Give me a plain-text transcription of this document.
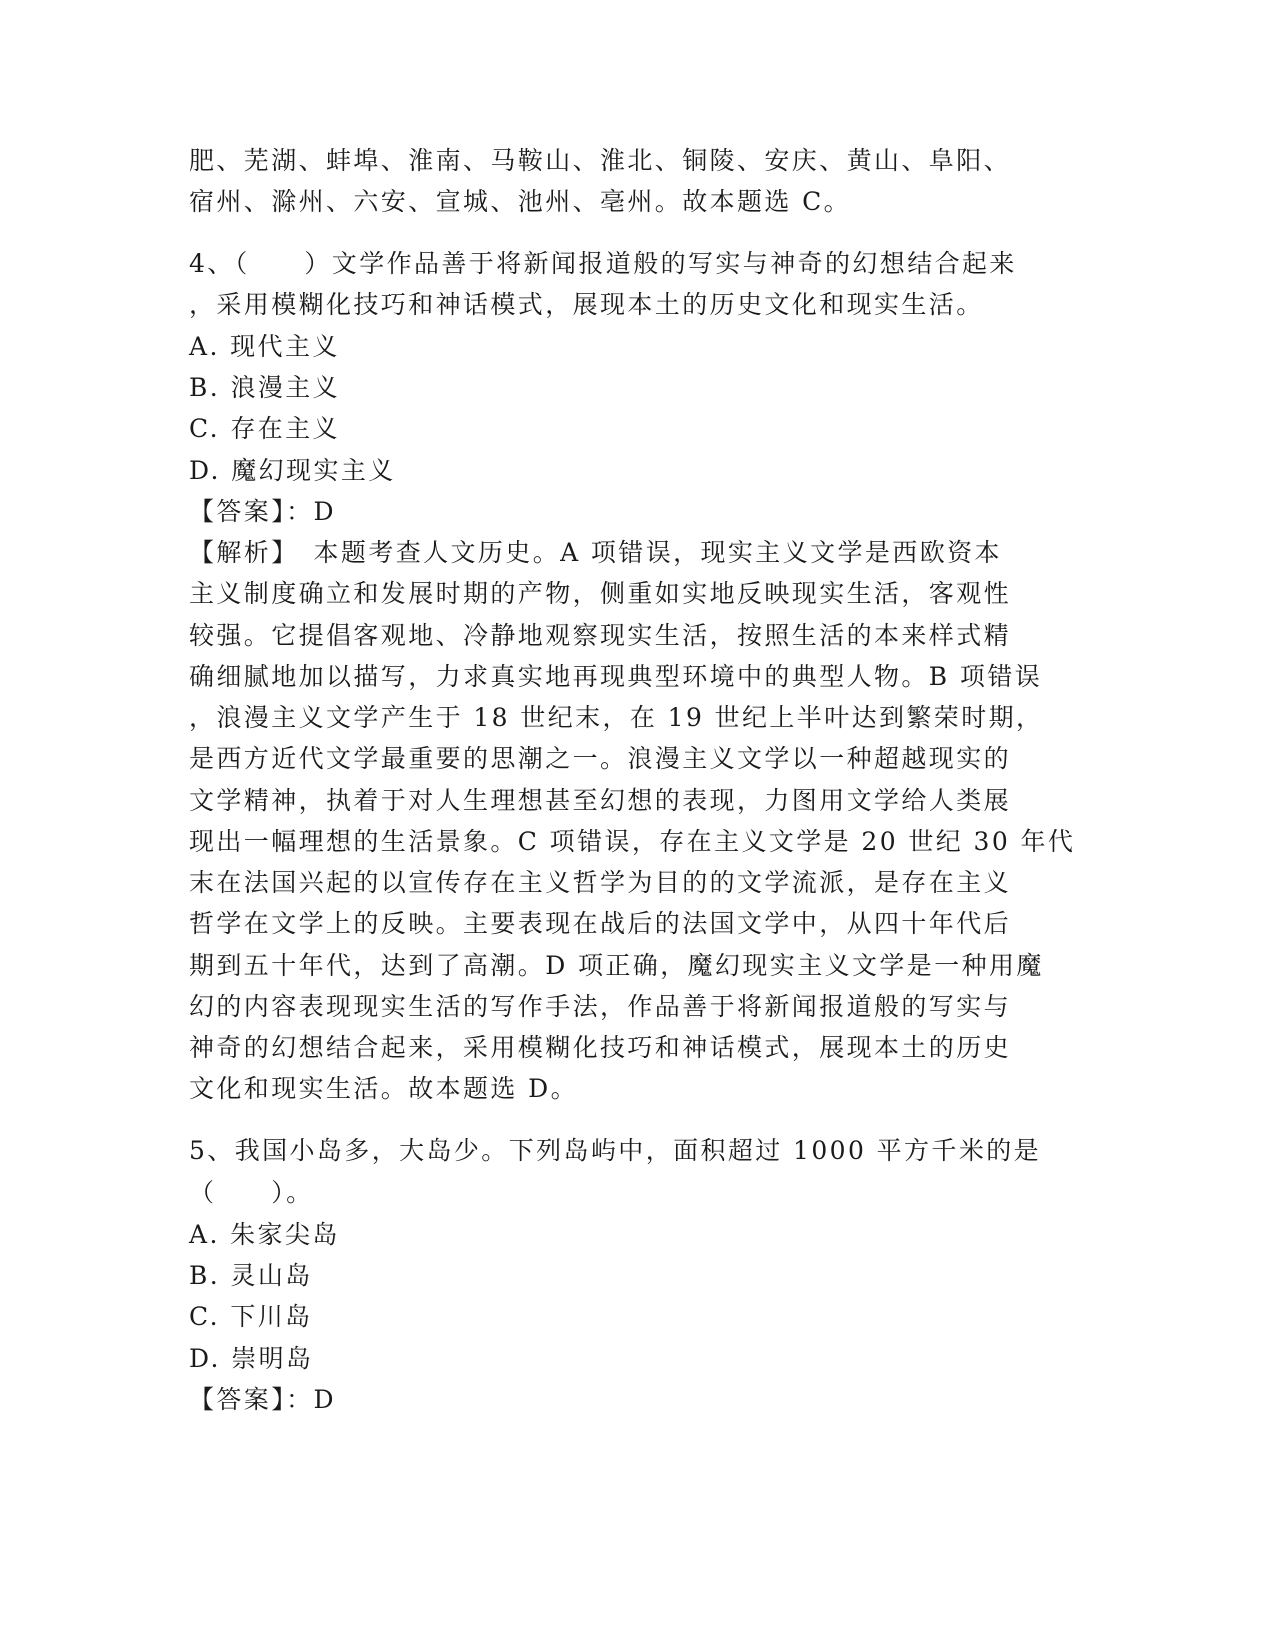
肥、芜湖、蚌埠、淮南、马鞍山、淮北、铜陵、安庆、黄山、阜阳、
宿州、滁州、六安、宣城、池州、亳州。故本题选 C。
4、（　　）文学作品善于将新闻报道般的写实与神奇的幻想结合起来
，采用模糊化技巧和神话模式，展现本土的历史文化和现实生活。
A. 现代主义
B. 浪漫主义
C. 存在主义
D. 魔幻现实主义
【答案】：D
【解析】　本题考查人文历史。A 项错误，现实主义文学是西欧资本
主义制度确立和发展时期的产物，侧重如实地反映现实生活，客观性
较强。它提倡客观地、冷静地观察现实生活，按照生活的本来样式精
确细腻地加以描写，力求真实地再现典型环境中的典型人物。B 项错误
，浪漫主义文学产生于 18 世纪末，在 19 世纪上半叶达到繁荣时期，
是西方近代文学最重要的思潮之一。浪漫主义文学以一种超越现实的
文学精神，执着于对人生理想甚至幻想的表现，力图用文学给人类展
现出一幅理想的生活景象。C 项错误，存在主义文学是 20 世纪 30 年代
末在法国兴起的以宣传存在主义哲学为目的的文学流派，是存在主义
哲学在文学上的反映。主要表现在战后的法国文学中，从四十年代后
期到五十年代，达到了高潮。D 项正确，魔幻现实主义文学是一种用魔
幻的内容表现现实生活的写作手法，作品善于将新闻报道般的写实与
神奇的幻想结合起来，采用模糊化技巧和神话模式，展现本土的历史
文化和现实生活。故本题选 D。
5、我国小岛多，大岛少。下列岛屿中，面积超过 1000 平方千米的是
（　　）。
A. 朱家尖岛
B. 灵山岛
C. 下川岛
D. 崇明岛
【答案】：D
